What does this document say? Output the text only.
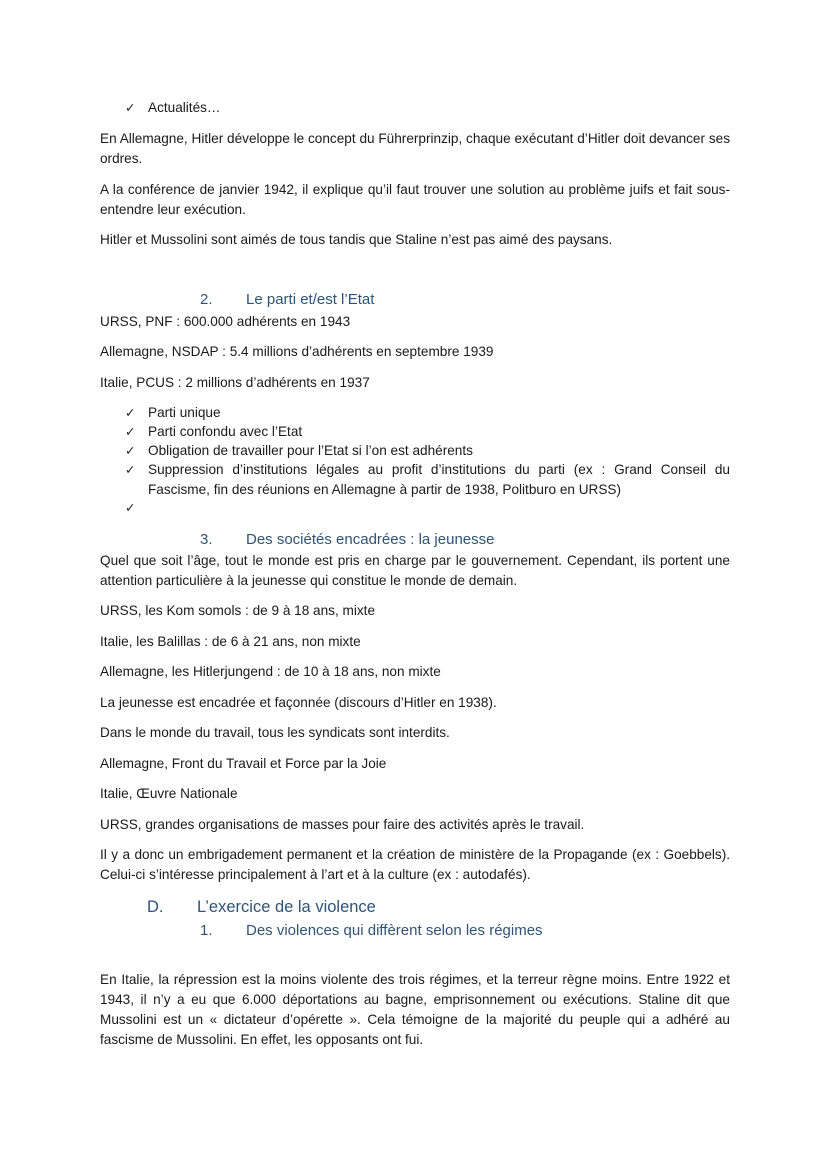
✓ Actualités…
En Allemagne, Hitler développe le concept du Führerprinzip, chaque exécutant d’Hitler doit devancer ses ordres.
A la conférence de janvier 1942, il explique qu’il faut trouver une solution au problème juifs et fait sous-entendre leur exécution.
Hitler et Mussolini sont aimés de tous tandis que Staline n’est pas aimé des paysans.
2. Le parti et/est l’Etat
URSS, PNF : 600.000 adhérents en 1943
Allemagne, NSDAP : 5.4 millions d’adhérents en septembre 1939
Italie, PCUS : 2 millions d’adhérents en 1937
✓ Parti unique
✓ Parti confondu avec l’Etat
✓ Obligation de travailler pour l’Etat si l’on est adhérents
✓ Suppression d’institutions légales au profit d’institutions du parti (ex : Grand Conseil du Fascisme, fin des réunions en Allemagne à partir de 1938, Politburo en URSS)
✓
3. Des sociétés encadrées : la jeunesse
Quel que soit l’âge, tout le monde est pris en charge par le gouvernement. Cependant, ils portent une attention particulière à la jeunesse qui constitue le monde de demain.
URSS, les Kom somols : de 9 à 18 ans, mixte
Italie, les Balillas : de 6 à 21 ans, non mixte
Allemagne, les Hitlerjungend : de 10 à 18 ans, non mixte
La jeunesse est encadrée et façonnée (discours d’Hitler en 1938).
Dans le monde du travail, tous les syndicats sont interdits.
Allemagne, Front du Travail et Force par la Joie
Italie, Œuvre Nationale
URSS, grandes organisations de masses pour faire des activités après le travail.
Il y a donc un embrigadement permanent et la création de ministère de la Propagande (ex : Goebbels). Celui-ci s’intéresse principalement à l’art et à la culture (ex : autodafés).
D. L’exercice de la violence
1. Des violences qui diffèrent selon les régimes
En Italie, la répression est la moins violente des trois régimes, et la terreur règne moins. Entre 1922 et 1943, il n’y a eu que 6.000 déportations au bagne, emprisonnement ou exécutions. Staline dit que Mussolini est un « dictateur d’opérette ». Cela témoigne de la majorité du peuple qui a adhéré au fascisme de Mussolini. En effet, les opposants ont fui.
